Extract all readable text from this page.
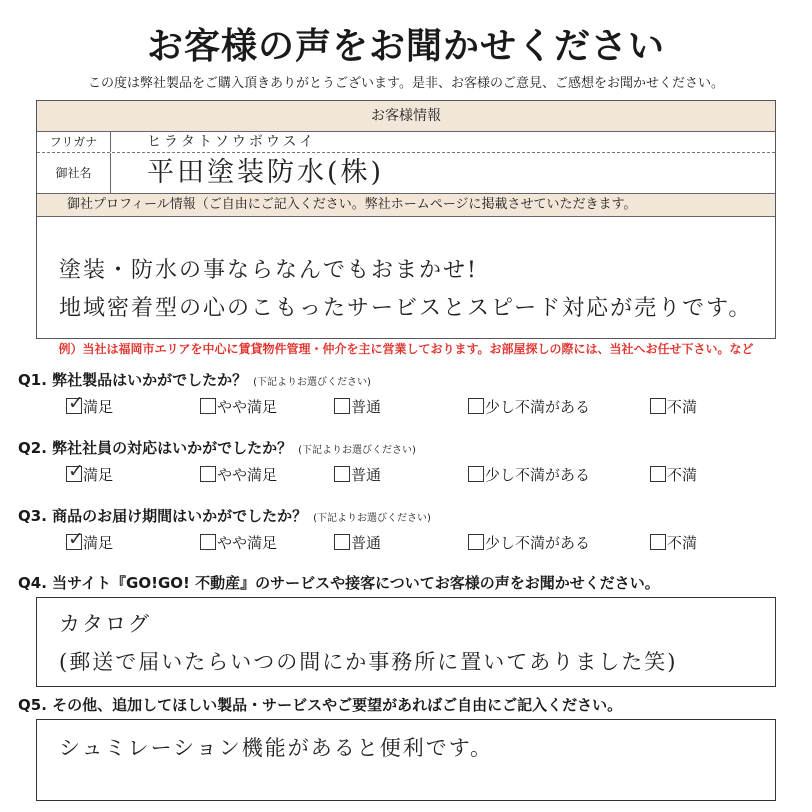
お客様の声をお聞かせください
この度は弊社製品をご購入頂きありがとうございます。是非、お客様のご意見、ご感想をお聞かせください。
お客様情報
フリガナ	ヒラタトソウボウスイ
御社名	平田塗装防水(株)
御社プロフィール情報（ご自由にご記入ください。弊社ホームページに掲載させていただきます。
塗装・防水の事ならなんでもおまかせ!
地域密着型の心のこもったサービスとスピード対応が売りです。
例）当社は福岡市エリアを中心に賃貸物件管理・仲介を主に営業しております。お部屋探しの際には、当社へお任せ下さい。など
Q1. 弊社製品はいかがでしたか？ (下記よりお選びください)
✓満足	やや満足	普通	少し不満がある	不満
Q2. 弊社社員の対応はいかがでしたか？ (下記よりお選びください)
✓満足	やや満足	普通	少し不満がある	不満
Q3. 商品のお届け期間はいかがでしたか？ (下記よりお選びください)
✓満足	やや満足	普通	少し不満がある	不満
Q4. 当サイト『GO!GO! 不動産』のサービスや接客についてお客様の声をお聞かせください。
カタログ
(郵送で届いたらいつの間にか事務所に置いてありました笑)
Q5. その他、追加してほしい製品・サービスやご要望があればご自由にご記入ください。
シュミレーション機能があると便利です。
